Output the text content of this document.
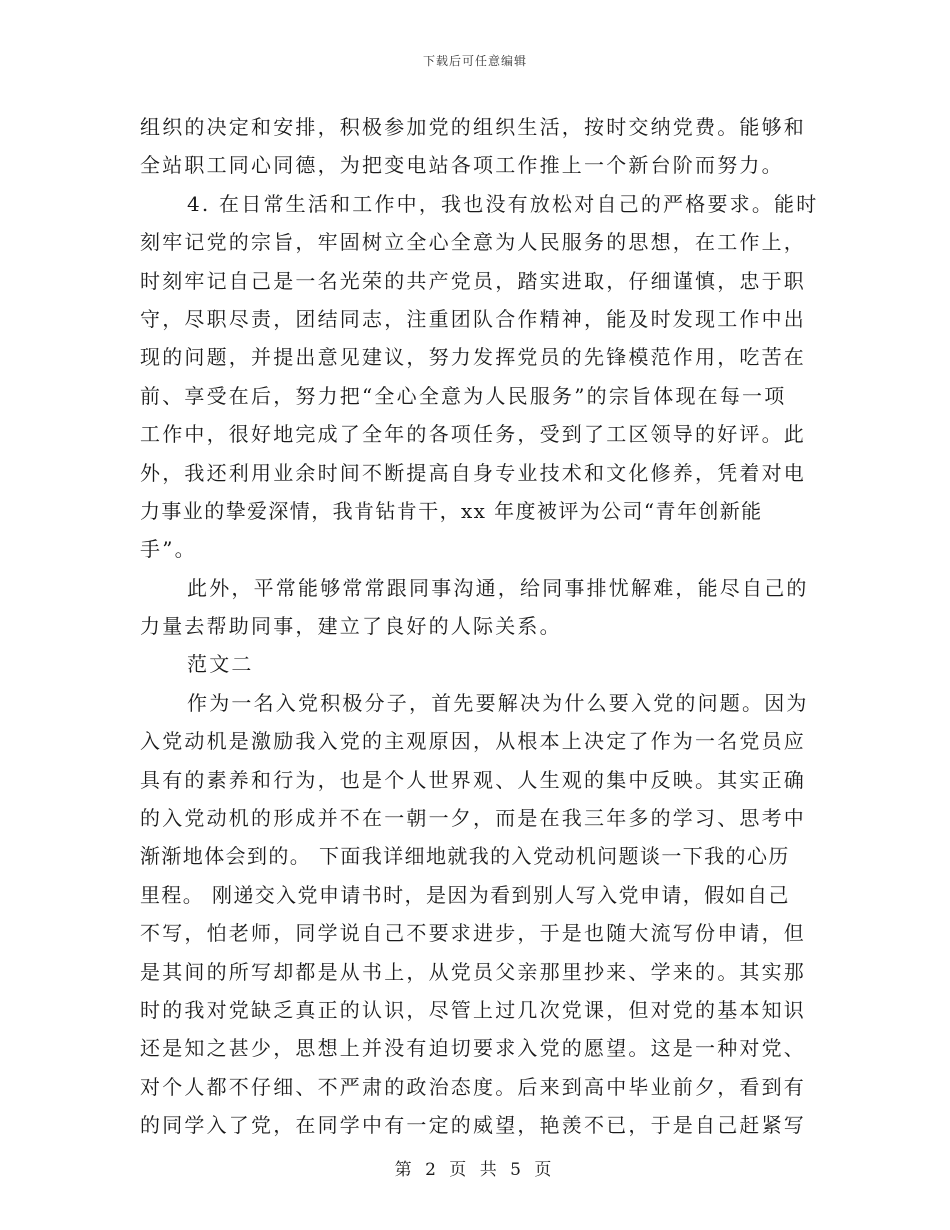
下载后可任意编辑
组织的决定和安排，积极参加党的组织生活，按时交纳党费。能够和
全站职工同心同德，为把变电站各项工作推上一个新台阶而努力。
4. 在日常生活和工作中，我也没有放松对自己的严格要求。能时
刻牢记党的宗旨，牢固树立全心全意为人民服务的思想，在工作上，
时刻牢记自己是一名光荣的共产党员，踏实进取，仔细谨慎，忠于职
守，尽职尽责，团结同志，注重团队合作精神，能及时发现工作中出
现的问题，并提出意见建议，努力发挥党员的先锋模范作用，吃苦在
前、享受在后，努力把“全心全意为人民服务”的宗旨体现在每一项
工作中，很好地完成了全年的各项任务，受到了工区领导的好评。此
外，我还利用业余时间不断提高自身专业技术和文化修养，凭着对电
力事业的挚爱深情，我肯钻肯干，xx 年度被评为公司“青年创新能
手”。
此外，平常能够常常跟同事沟通，给同事排忧解难，能尽自己的
力量去帮助同事，建立了良好的人际关系。
范文二
作为一名入党积极分子，首先要解决为什么要入党的问题。因为
入党动机是激励我入党的主观原因，从根本上决定了作为一名党员应
具有的素养和行为，也是个人世界观、人生观的集中反映。其实正确
的入党动机的形成并不在一朝一夕，而是在我三年多的学习、思考中
渐渐地体会到的。 下面我详细地就我的入党动机问题谈一下我的心历
里程。 刚递交入党申请书时，是因为看到别人写入党申请，假如自己
不写，怕老师，同学说自己不要求进步，于是也随大流写份申请，但
是其间的所写却都是从书上，从党员父亲那里抄来、学来的。其实那
时的我对党缺乏真正的认识，尽管上过几次党课，但对党的基本知识
还是知之甚少，思想上并没有迫切要求入党的愿望。这是一种对党、
对个人都不仔细、不严肃的政治态度。后来到高中毕业前夕，看到有
的同学入了党，在同学中有一定的威望，艳羡不已，于是自己赶紧写
第 2 页 共 5 页
